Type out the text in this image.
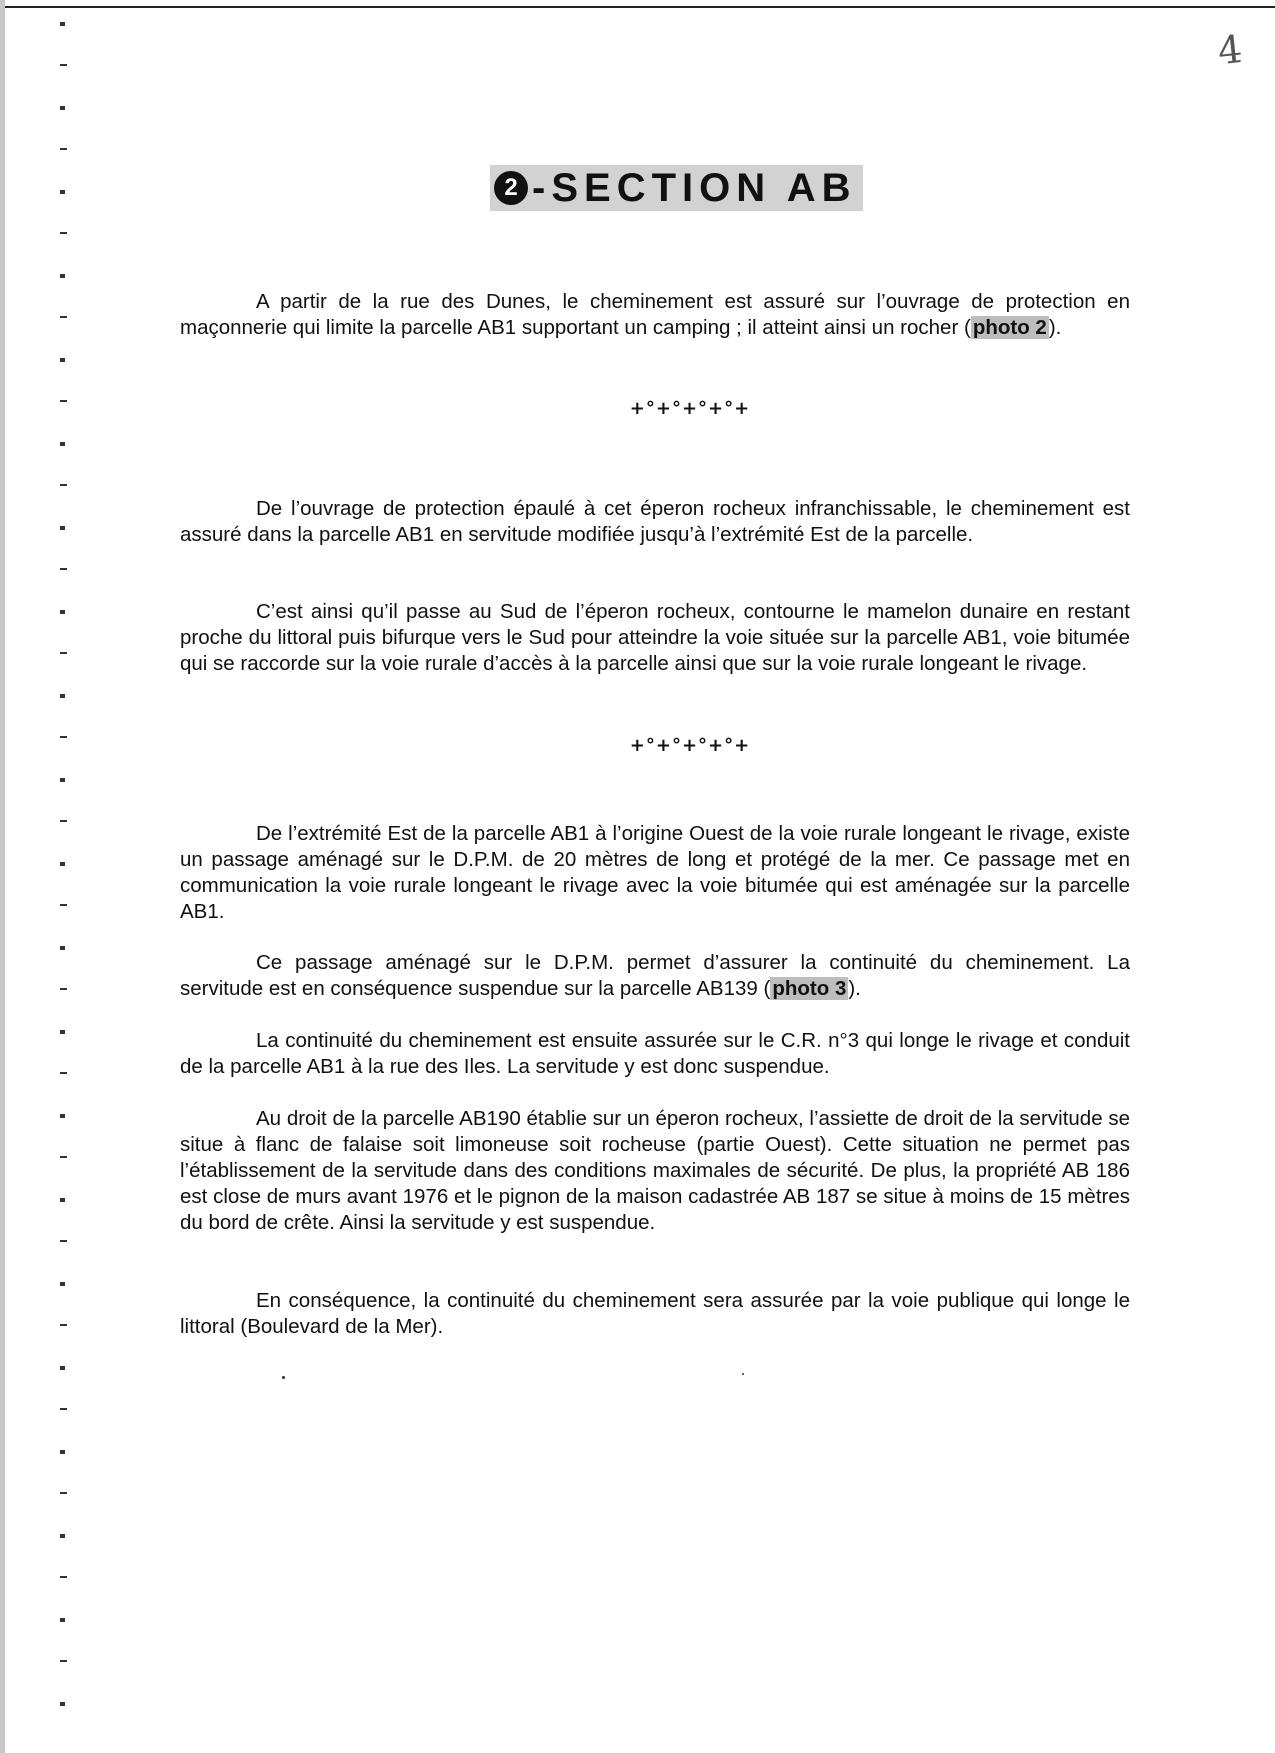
4
2 - SECTION AB

A partir de la rue des Dunes, le cheminement est assuré sur l’ouvrage de protection en maçonnerie qui limite la parcelle AB1 supportant un camping ; il atteint ainsi un rocher (photo 2).

+°+°+°+°+

De l’ouvrage de protection épaulé à cet éperon rocheux infranchissable, le cheminement est assuré dans la parcelle AB1 en servitude modifiée jusqu’à l’extrémité Est de la parcelle.

C’est ainsi qu’il passe au Sud de l’éperon rocheux, contourne le mamelon dunaire en restant proche du littoral puis bifurque vers le Sud pour atteindre la voie située sur la parcelle AB1, voie bitumée qui se raccorde sur la voie rurale d’accès à la parcelle ainsi que sur la voie rurale longeant le rivage.

+°+°+°+°+

De l’extrémité Est de la parcelle AB1 à l’origine Ouest de la voie rurale longeant le rivage, existe un passage aménagé sur le D.P.M. de 20 mètres de long et protégé de la mer. Ce passage met en communication la voie rurale longeant le rivage avec la voie bitumée qui est aménagée sur la parcelle AB1.

Ce passage aménagé sur le D.P.M. permet d’assurer la continuité du cheminement. La servitude est en conséquence suspendue sur la parcelle AB139 (photo 3).

La continuité du cheminement est ensuite assurée sur le C.R. n°3 qui longe le rivage et conduit de la parcelle AB1 à la rue des Iles. La servitude y est donc suspendue.

Au droit de la parcelle AB190 établie sur un éperon rocheux, l’assiette de droit de la servitude se situe à flanc de falaise soit limoneuse soit rocheuse (partie Ouest). Cette situation ne permet pas l’établissement de la servitude dans des conditions maximales de sécurité. De plus, la propriété AB 186 est close de murs avant 1976 et le pignon de la maison cadastrée AB 187 se situe à moins de 15 mètres du bord de crête. Ainsi la servitude y est suspendue.

En conséquence, la continuité du cheminement sera assurée par la voie publique qui longe le littoral (Boulevard de la Mer).
